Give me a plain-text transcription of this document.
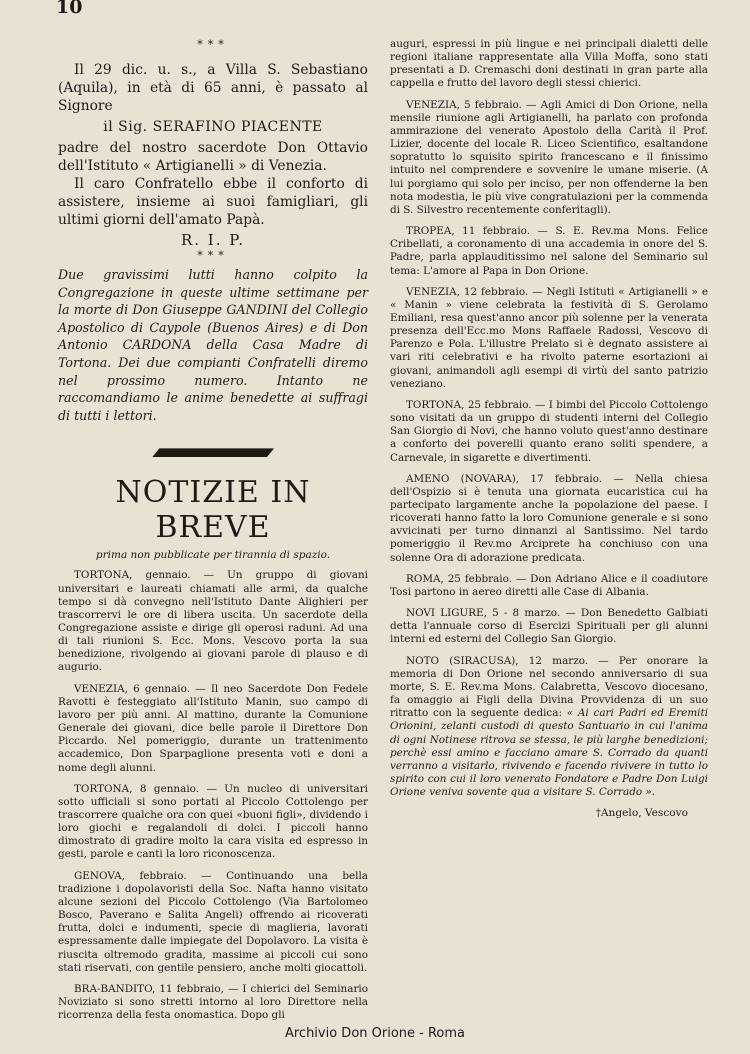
10

***

Il 29 dic. u. s., a Villa S. Sebastiano (Aquila), in età di 65 anni, è passato al Signore

il Sig. SERAFINO PIACENTE

padre del nostro sacerdote Don Ottavio dell'Istituto « Artigianelli » di Venezia.

Il caro Confratello ebbe il conforto di assistere, insieme ai suoi famigliari, gli ultimi giorni dell'amato Papà.

R. I. P.

***

Due gravissimi lutti hanno colpito la Congregazione in queste ultime settimane per la morte di Don Giuseppe GANDINI del Collegio Apostolico di Caypole (Buenos Aires) e di Don Antonio CARDONA della Casa Madre di Tortona. Dei due compianti Confratelli diremo nel prossimo numero. Intanto ne raccomandiamo le anime benedette ai suffragi di tutti i lettori.

NOTIZIE IN BREVE

prima non pubblicate per tirannia di spazio.

TORTONA, gennaio. — Un gruppo di giovani universitari e laureati chiamati alle armi, da qualche tempo si dà convegno nell'Istituto Dante Alighieri per trascorrervi le ore di libera uscita. Un sacerdote della Congregazione assiste e dirige gli operosi raduni. Ad una di tali riunioni S. Ecc. Mons. Vescovo porta la sua benedizione, rivolgendo ai giovani parole di plauso e di augurio.

VENEZIA, 6 gennaio. — Il neo Sacerdote Don Fedele Ravotti è festeggiato all'Istituto Manin, suo campo di lavoro per più anni. Al mattino, durante la Comunione Generale dei giovani, dice belle parole il Direttore Don Piccardo. Nel pomeriggio, durante un trattenimento accademico, Don Sparpaglione presenta voti e doni a nome degli alunni.

TORTONA, 8 gennaio. — Un nucleo di universitari sotto ufficiali si sono portati al Piccolo Cottolengo per trascorrere qualche ora con quei «buoni figli», dividendo i loro giochi e regalandoli di dolci. I piccoli hanno dimostrato di gradire molto la cara visita ed espresso in gesti, parole e canti la loro riconoscenza.

GENOVA, febbraio. — Continuando una bella tradizione i dopolavoristi della Soc. Nafta hanno visitato alcune sezioni del Piccolo Cottolengo (Via Bartolomeo Bosco, Paverano e Salita Angeli) offrendo ai ricoverati frutta, dolci e indumenti, specie di maglieria, lavorati espressamente dalle impiegate del Dopolavoro. La visita è riuscita oltremodo gradita, massime ai piccoli cui sono stati riservati, con gentile pensiero, anche molti giocattoli.

BRA-BANDITO, 11 febbraio, — I chierici del Seminario Noviziato si sono stretti intorno al loro Direttore nella ricorrenza della festa onomastica. Dopo gli

auguri, espressi in più lingue e nei principali dialetti delle regioni italiane rappresentate alla Villa Moffa, sono stati presentati a D. Cremaschi doni destinati in gran parte alla cappella e frutto del lavoro degli stessi chierici.

VENEZIA, 5 febbraio. — Agli Amici di Don Orione, nella mensile riunione agli Artigianelli, ha parlato con profonda ammirazione del venerato Apostolo della Carità il Prof. Lizier, docente del locale R. Liceo Scientifico, esaltandone sopratutto lo squisito spirito francescano e il finissimo intuito nel comprendere e sovvenire le umane miserie. (A lui porgiamo qui solo per inciso, per non offenderne la ben nota modestia, le più vive congratulazioni per la commenda di S. Silvestro recentemente conferitagli).

TROPEA, 11 febbraio. — S. E. Rev.ma Mons. Felice Cribellati, a coronamento di una accademia in onore del S. Padre, parla applauditissimo nel salone del Seminario sul tema: L'amore al Papa in Don Orione.

VENEZIA, 12 febbraio. — Negli Istituti « Artigianelli » e « Manin » viene celebrata la festività di S. Gerolamo Emiliani, resa quest'anno ancor più solenne per la venerata presenza dell'Ecc.mo Mons Raffaele Radossi, Vescovo di Parenzo e Pola. L'illustre Prelato si è degnato assistere ai vari riti celebrativi e ha rivolto paterne esortazioni ai giovani, animandoli agli esempi di virtù del santo patrizio veneziano.

TORTONA, 25 febbraio. — I bimbi del Piccolo Cottolengo sono visitati da un gruppo di studenti interni del Collegio San Giorgio di Novi, che hanno voluto quest'anno destinare a conforto dei poverelli quanto erano soliti spendere, a Carnevale, in sigarette e divertimenti.

AMENO (NOVARA), 17 febbraio. — Nella chiesa dell'Ospizio si è tenuta una giornata eucaristica cui ha partecipato largamente anche la popolazione del paese. I ricoverati hanno fatto la loro Comunione generale e si sono avvicinati per turno dinnanzi al Santissimo. Nel tardo pomeriggio il Rev.mo Arciprete ha conchiuso con una solenne Ora di adorazione predicata.

ROMA, 25 febbraio. — Don Adriano Alice e il coadiutore Tosi partono in aereo diretti alle Case di Albania.

NOVI LIGURE, 5 - 8 marzo. — Don Benedetto Galbiati detta l'annuale corso di Esercizi Spirituali per gli alunni interni ed esterni del Collegio San Giorgio.

NOTO (SIRACUSA), 12 marzo. — Per onorare la memoria di Don Orione nel secondo anniversario di sua morte, S. E. Rev.ma Mons. Calabretta, Vescovo diocesano, fa omaggio ai Figli della Divina Provvidenza di un suo ritratto con la seguente dedica: « Ai cari Padri ed Eremiti Orionini, zelanti custodi di questo Santuario in cui l'anima di ogni Notinese ritrova se stessa, le più larghe benedizioni; perchè essi amino e facciano amare S. Corrado da quanti verranno a visitarlo, rivivendo e facendo rivivere in tutto lo spirito con cui il loro venerato Fondatore e Padre Don Luigi Orione veniva sovente qua a visitare S. Corrado ».

†Angelo, Vescovo

Archivio Don Orione - Roma
